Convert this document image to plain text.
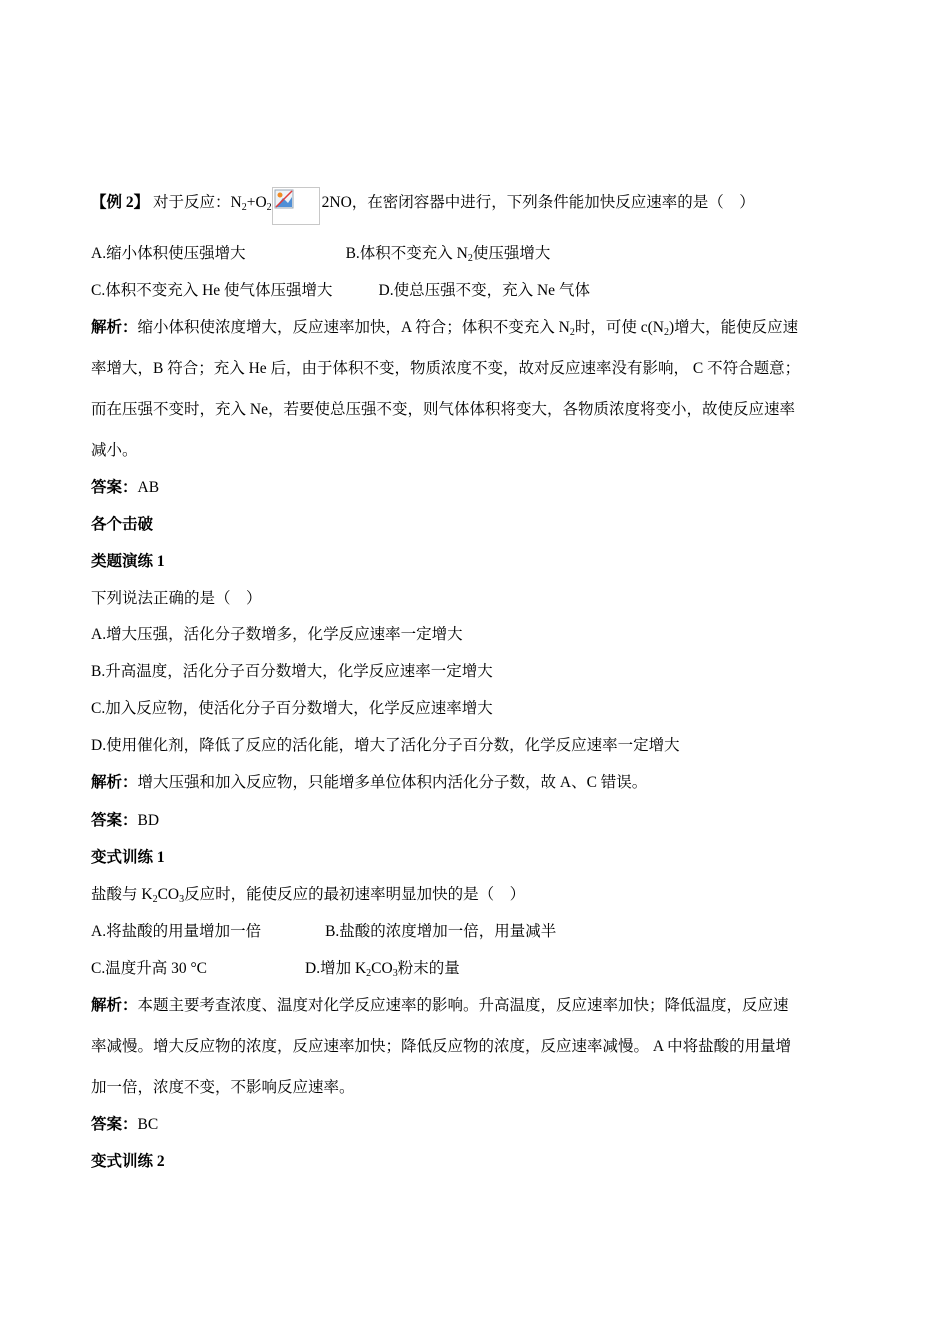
【例 2】 对于反应：$N_2+O_2$	2NO，在密闭容器中进行，下列条件能加快反应速率的是（　）
A.缩小体积使压强增大	B.体积不变充入 $N_2$使压强增大
C.体积不变充入 He 使气体压强增大	D.使总压强不变，充入 Ne 气体
解析：缩小体积使浓度增大，反应速率加快，A 符合；体积不变充入 $N_2$时，可使 $c(N_2)$增大，能使反应速
率增大，B 符合；充入 He 后，由于体积不变，物质浓度不变，故对反应速率没有影响， C 不符合题意；
而在压强不变时，充入 Ne，若要使总压强不变，则气体体积将变大，各物质浓度将变小，故使反应速率
减小。
答案：AB
各个击破
类题演练 1
下列说法正确的是（　）
A.增大压强，活化分子数增多，化学反应速率一定增大
B.升高温度，活化分子百分数增大，化学反应速率一定增大
C.加入反应物，使活化分子百分数增大，化学反应速率增大
D.使用催化剂，降低了反应的活化能，增大了活化分子百分数，化学反应速率一定增大
解析：增大压强和加入反应物，只能增多单位体积内活化分子数，故 A、C 错误。
答案：BD
变式训练 1
盐酸与 $K_2CO_3$反应时，能使反应的最初速率明显加快的是（　）
A.将盐酸的用量增加一倍	B.盐酸的浓度增加一倍，用量减半
C.温度升高 30 °C	D.增加 $K_2CO_3$粉末的量
解析：本题主要考查浓度、温度对化学反应速率的影响。升高温度，反应速率加快；降低温度，反应速
率减慢。增大反应物的浓度，反应速率加快；降低反应物的浓度，反应速率减慢。 A 中将盐酸的用量增
加一倍，浓度不变，不影响反应速率。
答案：BC
变式训练 2
